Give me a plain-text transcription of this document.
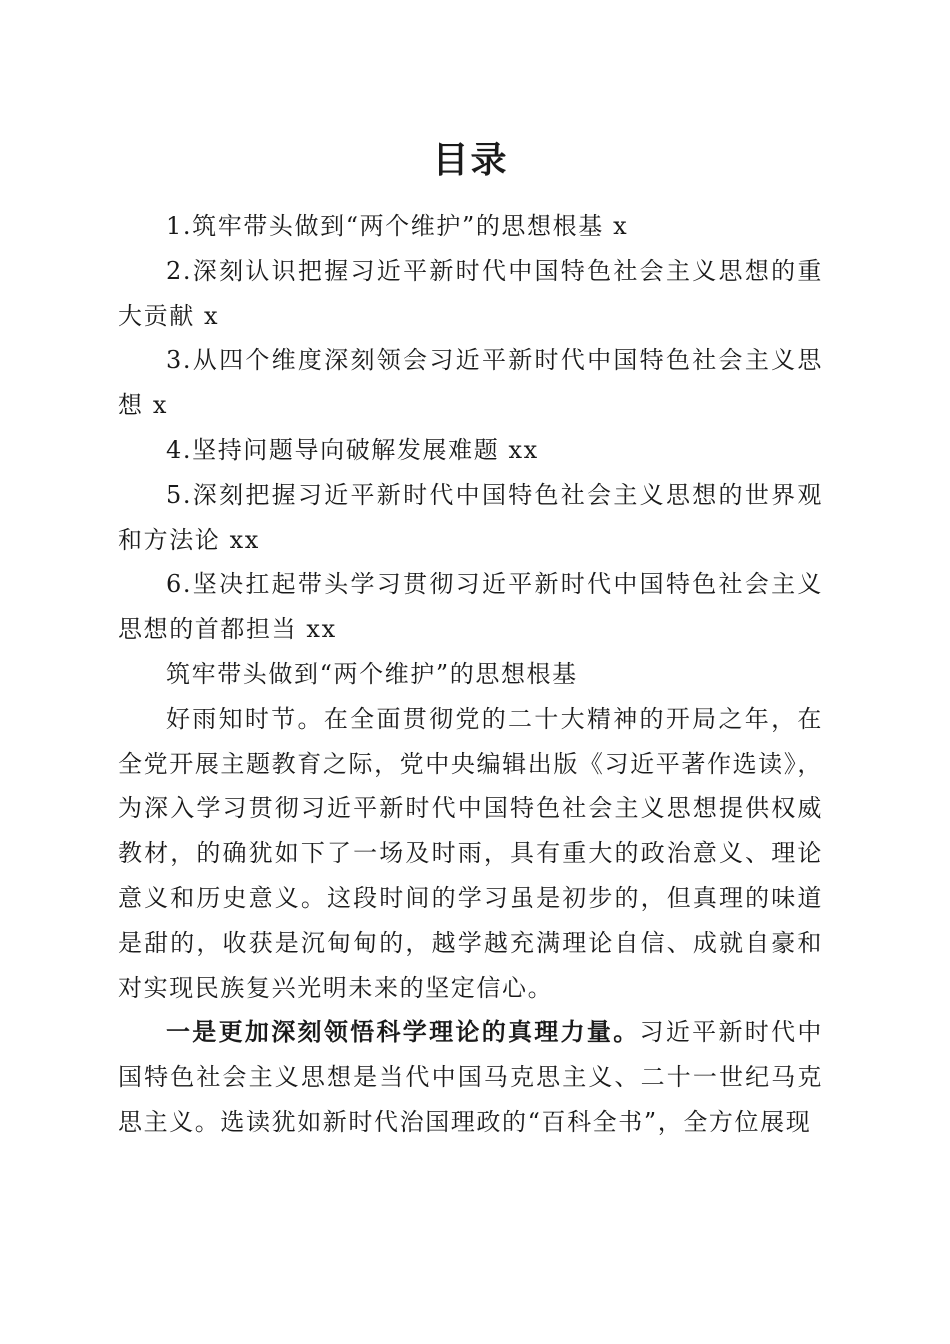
目录

1.筑牢带头做到“两个维护”的思想根基 x

2.深刻认识把握习近平新时代中国特色社会主义思想的重大贡献 x

3.从四个维度深刻领会习近平新时代中国特色社会主义思想 x

4.坚持问题导向破解发展难题 xx

5.深刻把握习近平新时代中国特色社会主义思想的世界观和方法论 xx

6.坚决扛起带头学习贯彻习近平新时代中国特色社会主义思想的首都担当 xx

筑牢带头做到“两个维护”的思想根基

好雨知时节。在全面贯彻党的二十大精神的开局之年，在全党开展主题教育之际，党中央编辑出版《习近平著作选读》，为深入学习贯彻习近平新时代中国特色社会主义思想提供权威教材，的确犹如下了一场及时雨，具有重大的政治意义、理论意义和历史意义。这段时间的学习虽是初步的，但真理的味道是甜的，收获是沉甸甸的，越学越充满理论自信、成就自豪和对实现民族复兴光明未来的坚定信心。

一是更加深刻领悟科学理论的真理力量。习近平新时代中国特色社会主义思想是当代中国马克思主义、二十一世纪马克思主义。选读犹如新时代治国理政的“百科全书”，全方位展现
